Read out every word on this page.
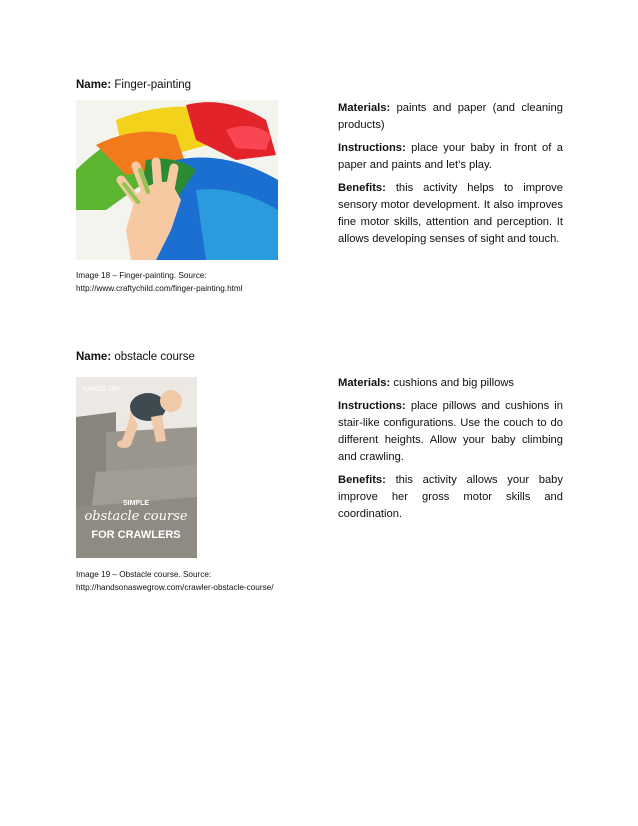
Name: Finger-painting
Image 18 – Finger-painting. Source:
http://www.craftychild.com/finger-painting.html

Materials: paints and paper (and cleaning products)

Instructions: place your baby in front of a paper and paints and let’s play.

Benefits: this activity helps to improve sensory motor development. It also improves fine motor skills, attention and perception. It allows developing senses of sight and touch.

Name: obstacle course
HANDS ON
SIMPLE
obstacle course
FOR CRAWLERS
Image 19 – Obstacle course. Source:
http://handsonaswegrow.com/crawler-obstacle-course/

Materials: cushions and big pillows

Instructions: place pillows and cushions in stair-like configurations. Use the couch to do different heights. Allow your baby climbing and crawling.

Benefits: this activity allows your baby improve her gross motor skills and coordination.
